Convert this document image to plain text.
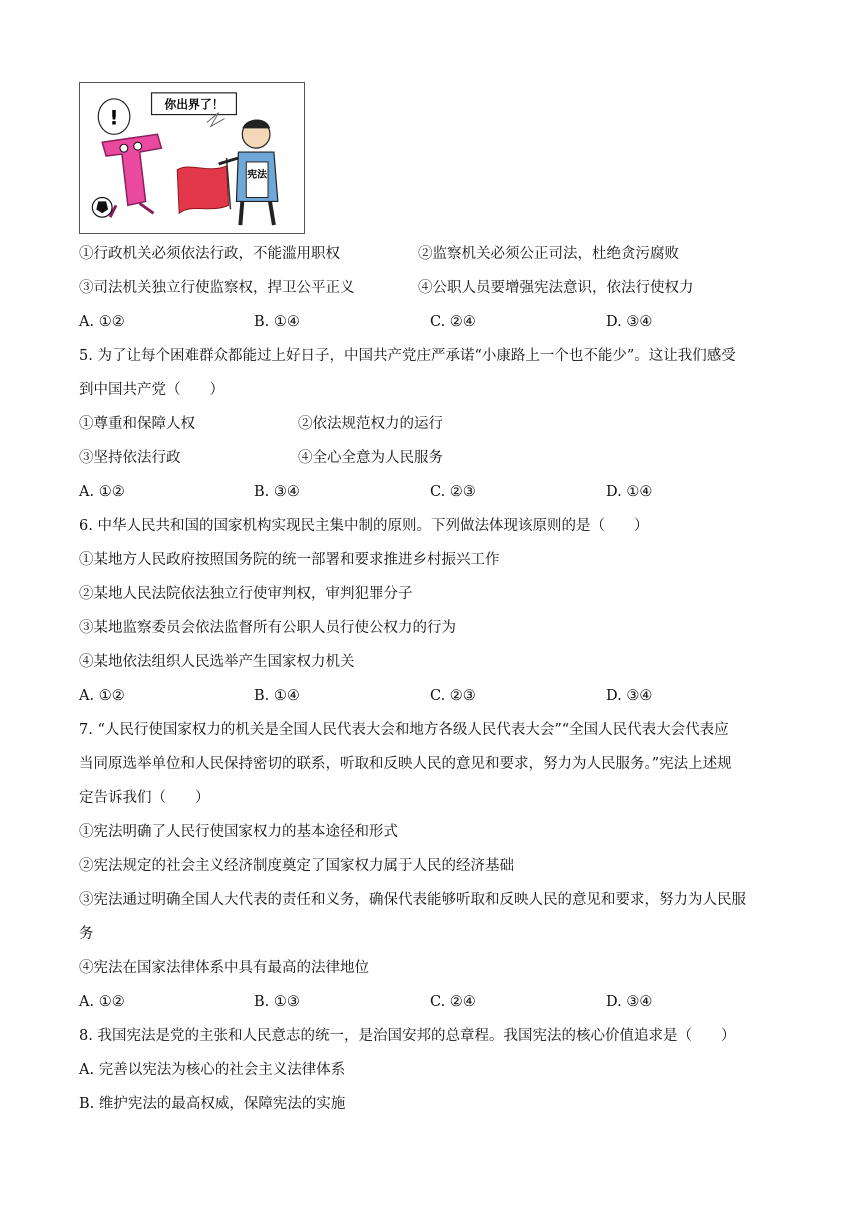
你出界了！
!
宪法
①行政机关必须依法行政，不能滥用职权	②监察机关必须公正司法，杜绝贪污腐败
③司法机关独立行使监察权，捍卫公平正义	④公职人员要增强宪法意识，依法行使权力
A. ①②	B. ①④	C. ②④	D. ③④
5. 为了让每个困难群众都能过上好日子，中国共产党庄严承诺“小康路上一个也不能少”。这让我们感受
到中国共产党（　　）
①尊重和保障人权	②依法规范权力的运行
③坚持依法行政	④全心全意为人民服务
A. ①②	B. ③④	C. ②③	D. ①④
6. 中华人民共和国的国家机构实现民主集中制的原则。下列做法体现该原则的是（　　）
①某地方人民政府按照国务院的统一部署和要求推进乡村振兴工作
②某地人民法院依法独立行使审判权，审判犯罪分子
③某地监察委员会依法监督所有公职人员行使公权力的行为
④某地依法组织人民选举产生国家权力机关
A. ①②	B. ①④	C. ②③	D. ③④
7. “人民行使国家权力的机关是全国人民代表大会和地方各级人民代表大会”“全国人民代表大会代表应
当同原选举单位和人民保持密切的联系，听取和反映人民的意见和要求，努力为人民服务。”宪法上述规
定告诉我们（　　）
①宪法明确了人民行使国家权力的基本途径和形式
②宪法规定的社会主义经济制度奠定了国家权力属于人民的经济基础
③宪法通过明确全国人大代表的责任和义务，确保代表能够听取和反映人民的意见和要求，努力为人民服
务
④宪法在国家法律体系中具有最高的法律地位
A. ①②	B. ①③	C. ②④	D. ③④
8. 我国宪法是党的主张和人民意志的统一，是治国安邦的总章程。我国宪法的核心价值追求是（　　）
A. 完善以宪法为核心的社会主义法律体系
B. 维护宪法的最高权威，保障宪法的实施
